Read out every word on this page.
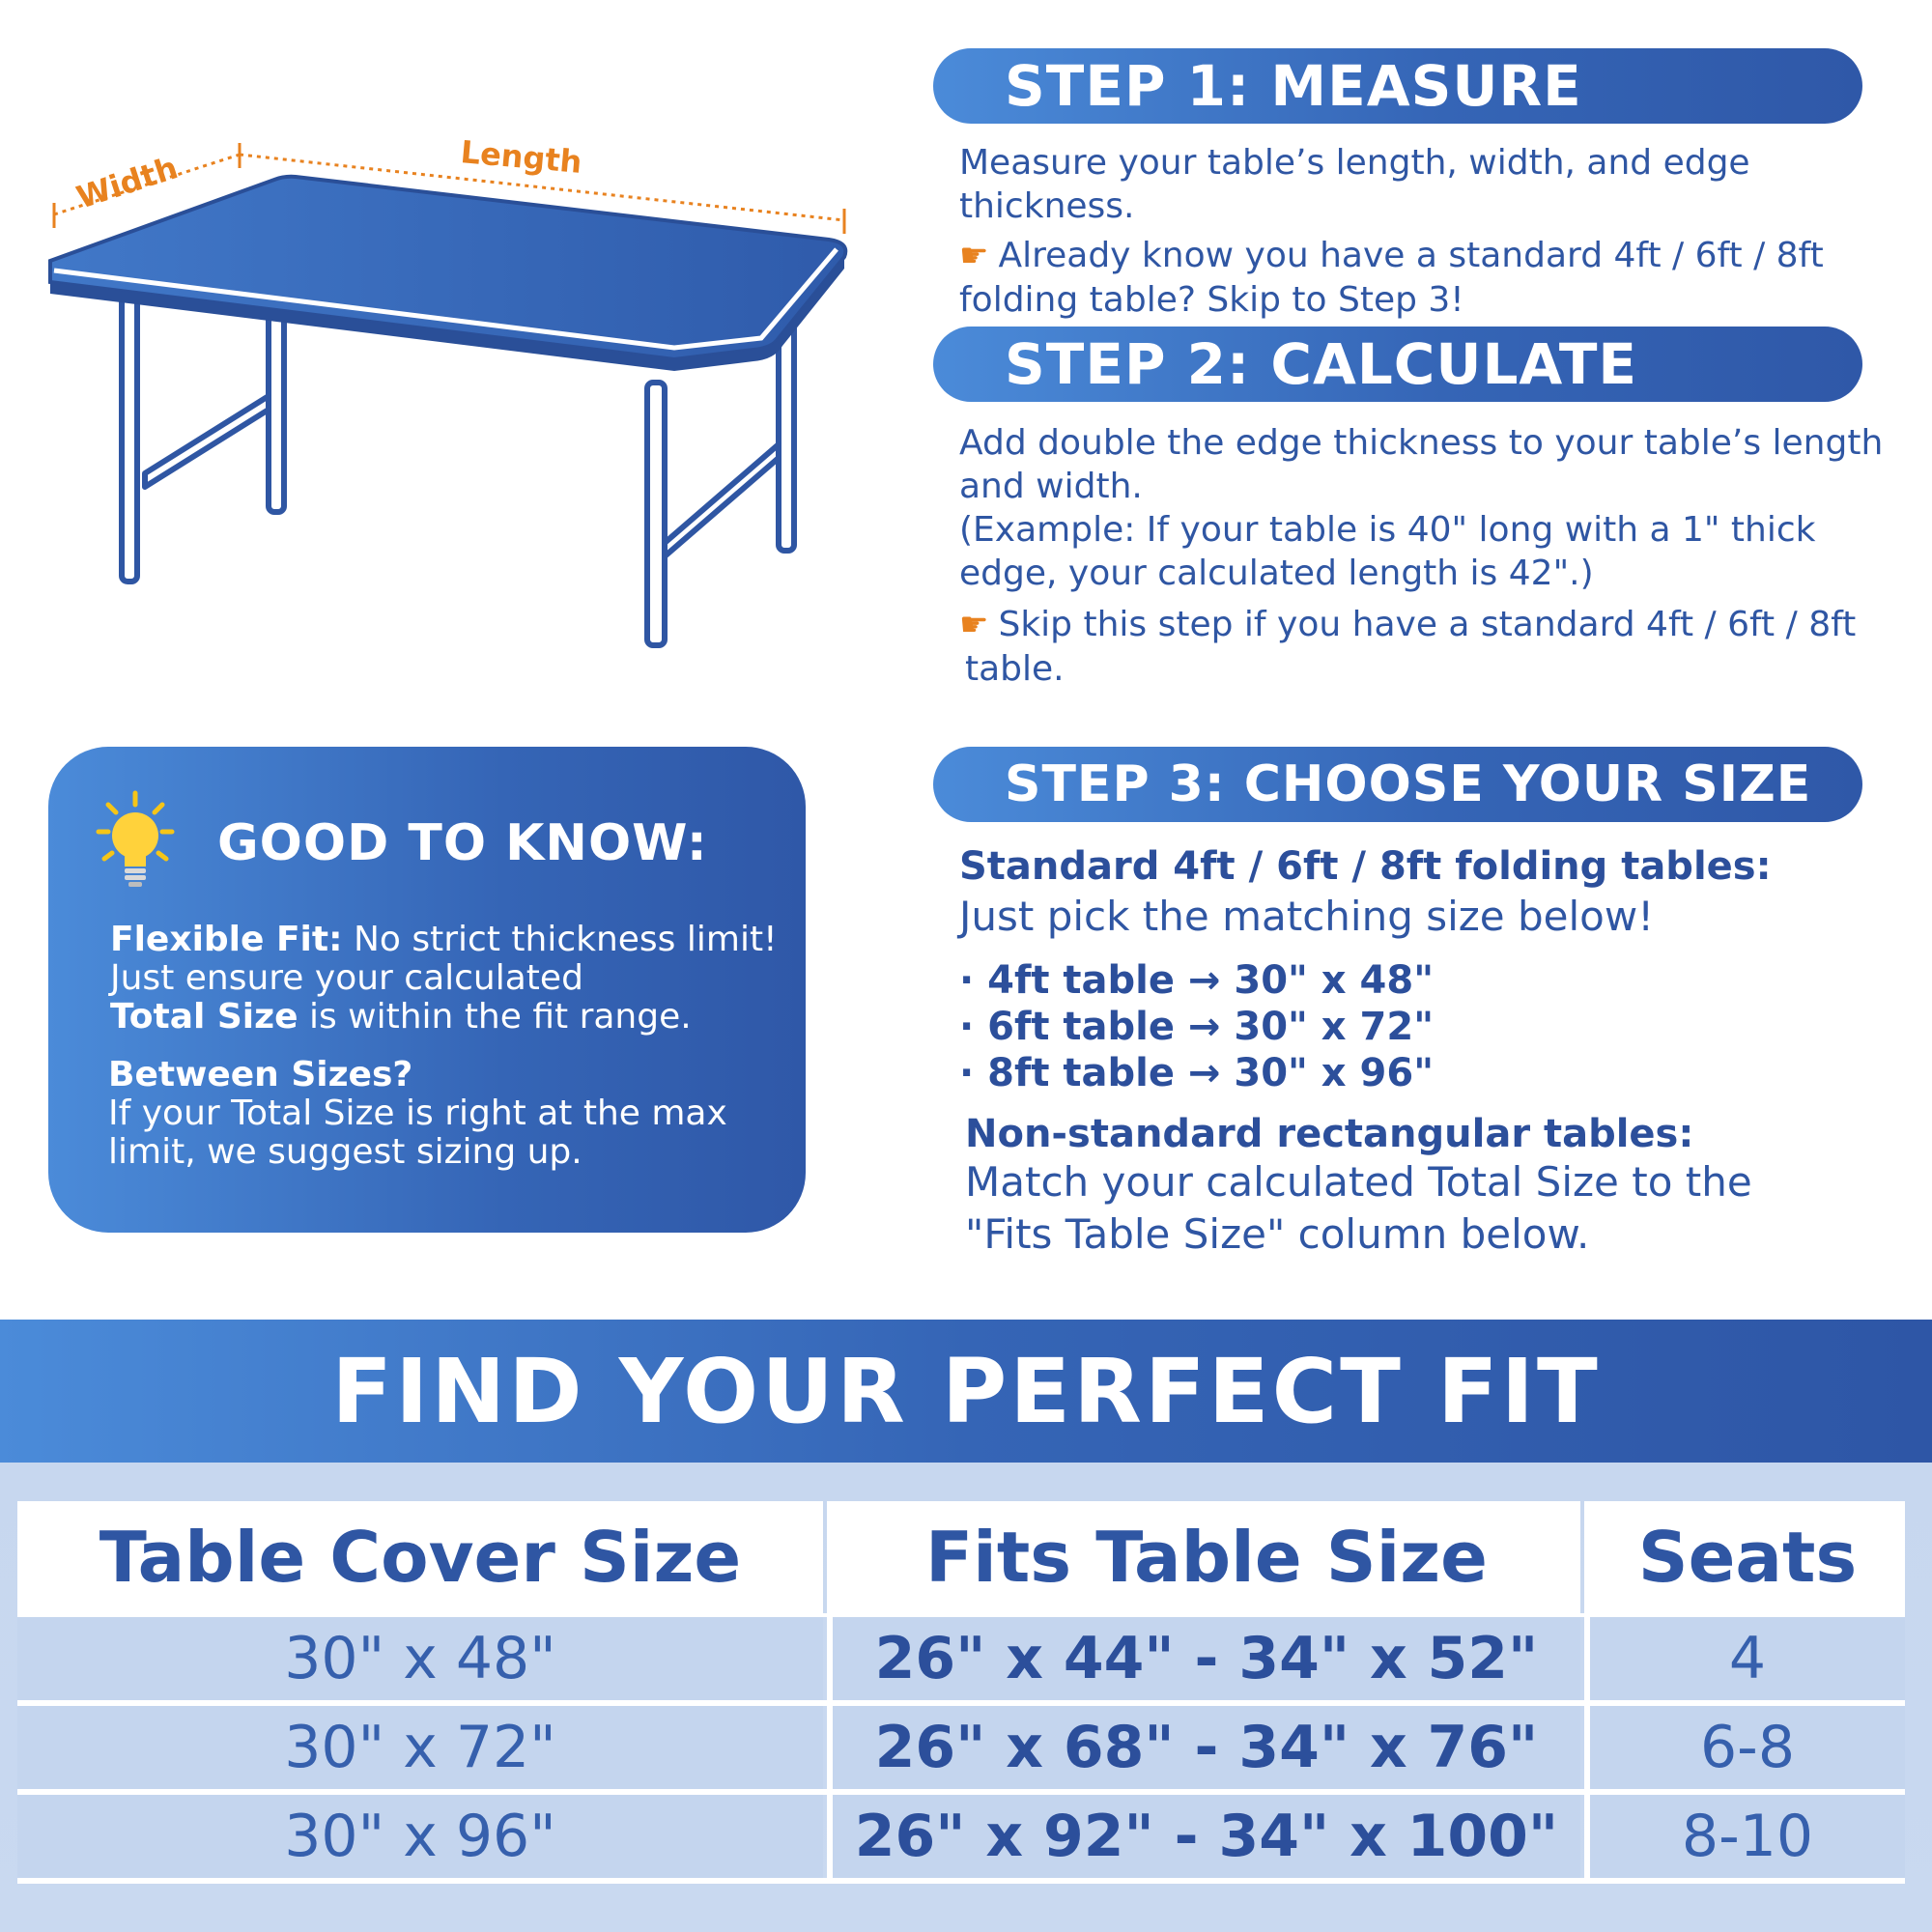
Width	Length
STEP 1: MEASURE

Measure your table’s length, width, and edge thickness.

☛ Already know you have a standard 4ft / 6ft / 8ft

folding table? Skip to Step 3!

STEP 2: CALCULATE

Add double the edge thickness to your table’s length

and width.

(Example: If your table is 40" long with a 1" thick

edge, your calculated length is 42".)

☛ Skip this step if you have a standard 4ft / 6ft / 8ft

table.

GOOD TO KNOW:
Flexible Fit: No strict thickness limit!
Just ensure your calculated
Total Size is within the fit range.
Between Sizes?
If your Total Size is right at the max
limit, we suggest sizing up.
STEP 3: CHOOSE YOUR SIZE
Standard 4ft / 6ft / 8ft folding tables:
Just pick the matching size below!
· 4ft table → 30" x 48"
· 6ft table → 30" x 72"
· 8ft table → 30" x 96"
Non-standard rectangular tables:
Match your calculated Total Size to the
"Fits Table Size" column below.
FIND YOUR PERFECT FIT
Table Cover Size	Fits Table Size	Seats
30" x 48"	26" x 44" - 34" x 52"	4
30" x 72"	26" x 68" - 34" x 76"	6-8
30" x 96"	26" x 92" - 34" x 100"	8-10
